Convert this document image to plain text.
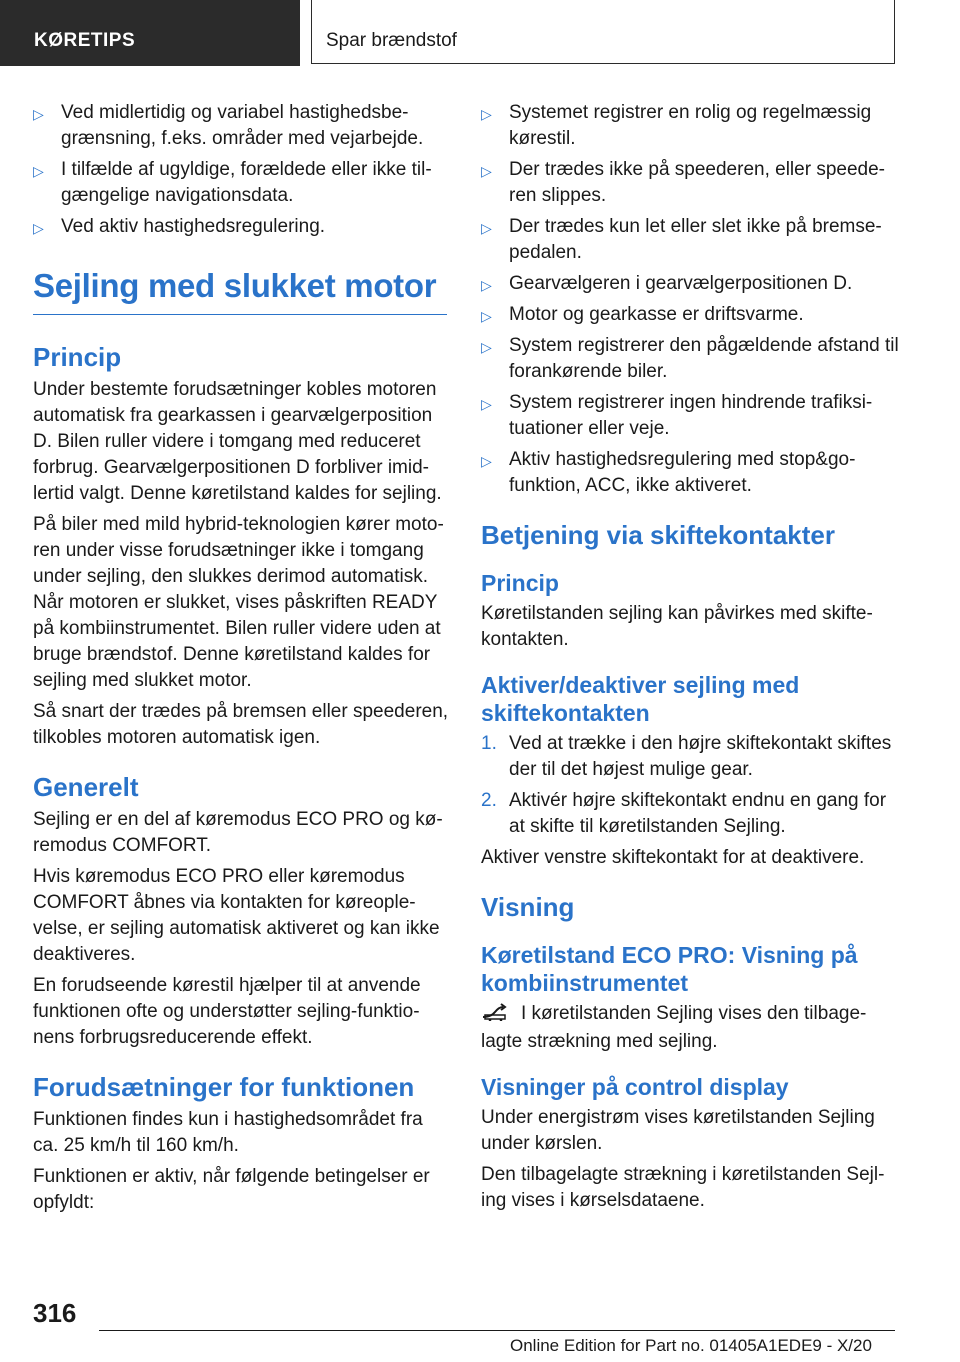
KØRETIPS	Spar brændstof
▷ Ved midlertidig og variabel hastighedsbe-grænsning, f.eks. områder med vejarbejde.
▷ I tilfælde af ugyldige, forældede eller ikke til-gængelige navigationsdata.
▷ Ved aktiv hastighedsregulering.
Sejling med slukket motor
Princip

Under bestemte forudsætninger kobles motoren automatisk fra gearkassen i gearvælgerposition D. Bilen ruller videre i tomgang med reduceret forbrug. Gearvælgerpositionen D forbliver imid-lertid valgt. Denne køretilstand kaldes for sejling.

På biler med mild hybrid-teknologien kører moto-ren under visse forudsætninger ikke i tomgang under sejling, den slukkes derimod automatisk. Når motoren er slukket, vises påskriften READY på kombiinstrumentet. Bilen ruller videre uden at bruge brændstof. Denne køretilstand kaldes for sejling med slukket motor.

Så snart der trædes på bremsen eller speederen, tilkobles motoren automatisk igen.

Generelt

Sejling er en del af køremodus ECO PRO og kø-remodus COMFORT.

Hvis køremodus ECO PRO eller køremodus COMFORT åbnes via kontakten for køreople-velse, er sejling automatisk aktiveret og kan ikke deaktiveres.

En forudseende kørestil hjælper til at anvende funktionen ofte og understøtter sejling-funktio-nens forbrugsreducerende effekt.

Forudsætninger for funktionen

Funktionen findes kun i hastighedsområdet fra ca. 25 km/h til 160 km/h.

Funktionen er aktiv, når følgende betingelser er opfyldt:

▷ Systemet registrer en rolig og regelmæssig kørestil.
▷ Der trædes ikke på speederen, eller speede-ren slippes.
▷ Der trædes kun let eller slet ikke på bremse-pedalen.
▷ Gearvælgeren i gearvælgerpositionen D.
▷ Motor og gearkasse er driftsvarme.
▷ System registrerer den pågældende afstand til forankørende biler.
▷ System registrerer ingen hindrende trafiksi-tuationer eller veje.
▷ Aktiv hastighedsregulering med stop&go-funktion, ACC, ikke aktiveret.
Betjening via skiftekontakter
Princip

Køretilstanden sejling kan påvirkes med skifte-kontakten.

Aktiver/deaktiver sejling med skiftekontakten
1. Ved at trække i den højre skiftekontakt skiftes der til det højest mulige gear.
2. Aktivér højre skiftekontakt endnu en gang for at skifte til køretilstanden Sejling.

Aktiver venstre skiftekontakt for at deaktivere.

Visning
Køretilstand ECO PRO: Visning på kombiinstrumentet

I køretilstanden Sejling vises den tilbage-lagte strækning med sejling.

Visninger på control display

Under energistrøm vises køretilstanden Sejling under kørslen.

Den tilbagelagte strækning i køretilstanden Sejl-ing vises i kørselsdataene.

316
Online Edition for Part no. 01405A1EDE9 - X/20
